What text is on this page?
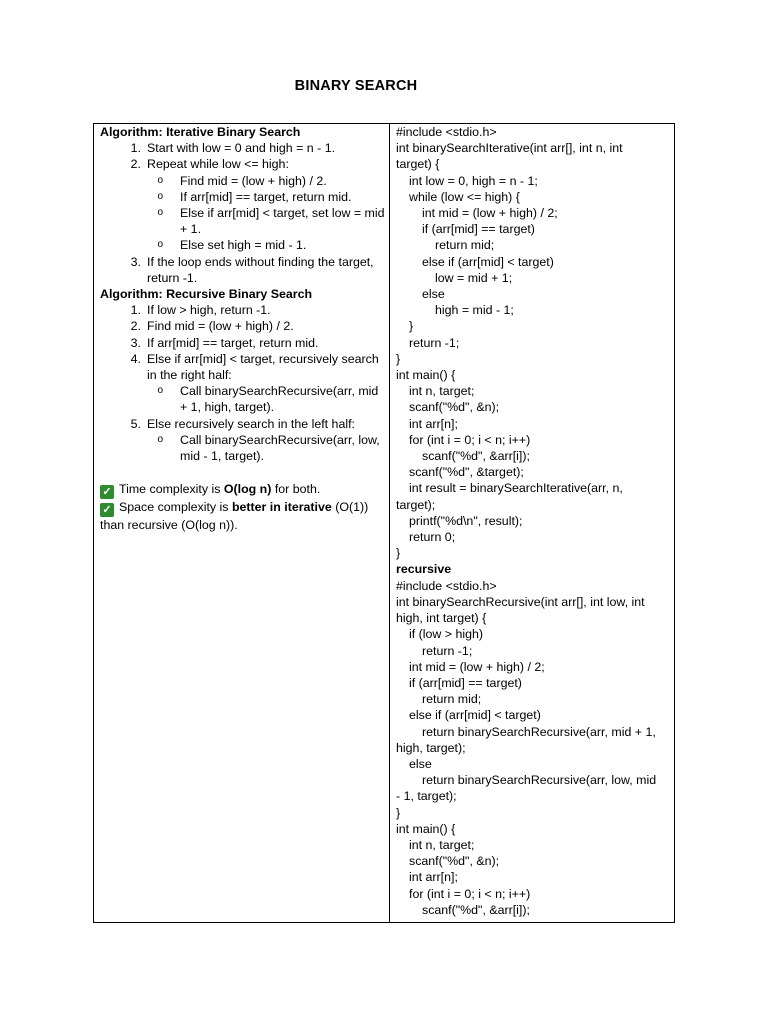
BINARY SEARCH
Algorithm: Iterative Binary Search
1. Start with low = 0 and high = n - 1.
2. Repeat while low <= high:
o	Find mid = (low + high) / 2.
o	If arr[mid] == target, return mid.
o	Else if arr[mid] < target, set low = mid + 1.
o	Else set high = mid - 1.
3. If the loop ends without finding the target, return -1.
Algorithm: Recursive Binary Search
1. If low > high, return -1.
2. Find mid = (low + high) / 2.
3. If arr[mid] == target, return mid.
4. Else if arr[mid] < target, recursively search in the right half:
o	Call binarySearchRecursive(arr, mid + 1, high, target).
5. Else recursively search in the left half:
o	Call binarySearchRecursive(arr, low, mid - 1, target).
✓ Time complexity is O(log n) for both.
✓ Space complexity is better in iterative (O(1)) than recursive (O(log n)).
#include <stdio.h>
int binarySearchIterative(int arr[], int n, int
target) {
int low = 0, high = n - 1;
while (low <= high) {
int mid = (low + high) / 2;
if (arr[mid] == target)
return mid;
else if (arr[mid] < target)
low = mid + 1;
else
high = mid - 1;
}
return -1;
}
int main() {
int n, target;
scanf("%d", &n);
int arr[n];
for (int i = 0; i < n; i++)
scanf("%d", &arr[i]);
scanf("%d", &target);
int result = binarySearchIterative(arr, n,
target);
printf("%d\n", result);
return 0;
}
recursive
#include <stdio.h>
int binarySearchRecursive(int arr[], int low, int
high, int target) {
if (low > high)
return -1;
int mid = (low + high) / 2;
if (arr[mid] == target)
return mid;
else if (arr[mid] < target)
return binarySearchRecursive(arr, mid + 1,
high, target);
else
return binarySearchRecursive(arr, low, mid
- 1, target);
}
int main() {
int n, target;
scanf("%d", &n);
int arr[n];
for (int i = 0; i < n; i++)
scanf("%d", &arr[i]);
